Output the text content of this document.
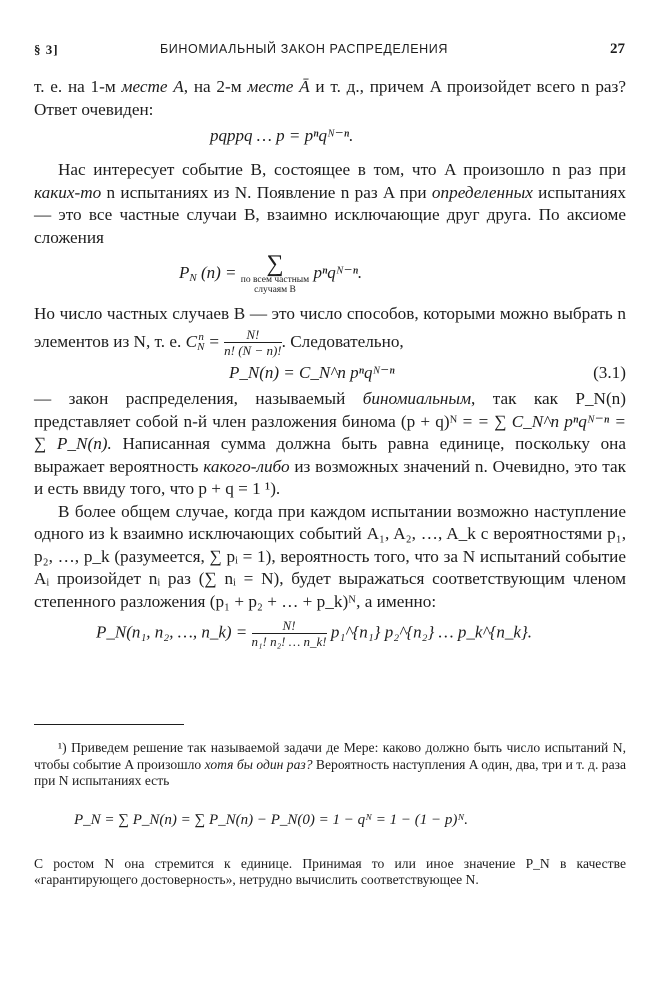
§ 3]	БИНОМИАЛЬНЫЙ ЗАКОН РАСПРЕДЕЛЕНИЯ	27

т. е. на 1-м месте A, на 2-м месте Ā и т. д., причем A произойдет всего n раз? Ответ очевиден:

pqppq … p = pⁿqᴺ⁻ⁿ.

Нас интересует событие B, состоящее в том, что A произошло n раз при каких-то n испытаниях из N. Появление n раз A при определенных испытаниях — это все частные случаи B, взаимно исключающие друг друга. По аксиоме сложения

$P_N$ (n) =	∑
по всем частным
случаям B
pⁿqᴺ⁻ⁿ.

Но число частных случаев B — это число способов, которыми можно выбрать n элементов из N, т. е. $C_N^n = \frac{N!}{n! (N - n)!}$ . Следовательно,

P_N(n) = C_N^n pⁿqᴺ⁻ⁿ	(3.1)

— закон распределения, называемый биномиальным, так как P_N(n) представляет собой n-й член разложения бинома (p + q)ᴺ = = ∑ C_N^n pⁿqᴺ⁻ⁿ = ∑ P_N(n). Написанная сумма должна быть равна единице, поскольку она выражает вероятность какого-либо из возможных значений n. Очевидно, это так и есть ввиду того, что p + q = 1 ¹).

В более общем случае, когда при каждом испытании возможно наступление одного из k взаимно исключающих событий A₁, A₂, …, A_k с вероятностями p₁, p₂, …, p_k (разумеется, ∑ pᵢ = 1), вероятность того, что за N испытаний событие Aᵢ произойдет nᵢ раз (∑ nᵢ = N), будет выражаться соответствующим членом степенного разложения (p₁ + p₂ + … + p_k)ᴺ, а именно:

P_N(n₁, n₂, …, n_k) = $\frac{N!}{\text{n₁! n₂! … n\_k!}}$ p₁^{n₁} p₂^{n₂} … p_k^{n_k}.

¹) Приведем решение так называемой задачи де Мере: каково должно быть число испытаний N, чтобы событие A произошло хотя бы один раз? Вероятность наступления A один, два, три и т. д. раза при N испытаниях есть

P_N = ∑ P_N(n) = ∑ P_N(n) − P_N(0) = 1 − qᴺ = 1 − (1 − p)ᴺ.

С ростом N она стремится к единице. Принимая то или иное значение P_N в качестве «гарантирующего достоверность», нетрудно вычислить соответствующее N.
